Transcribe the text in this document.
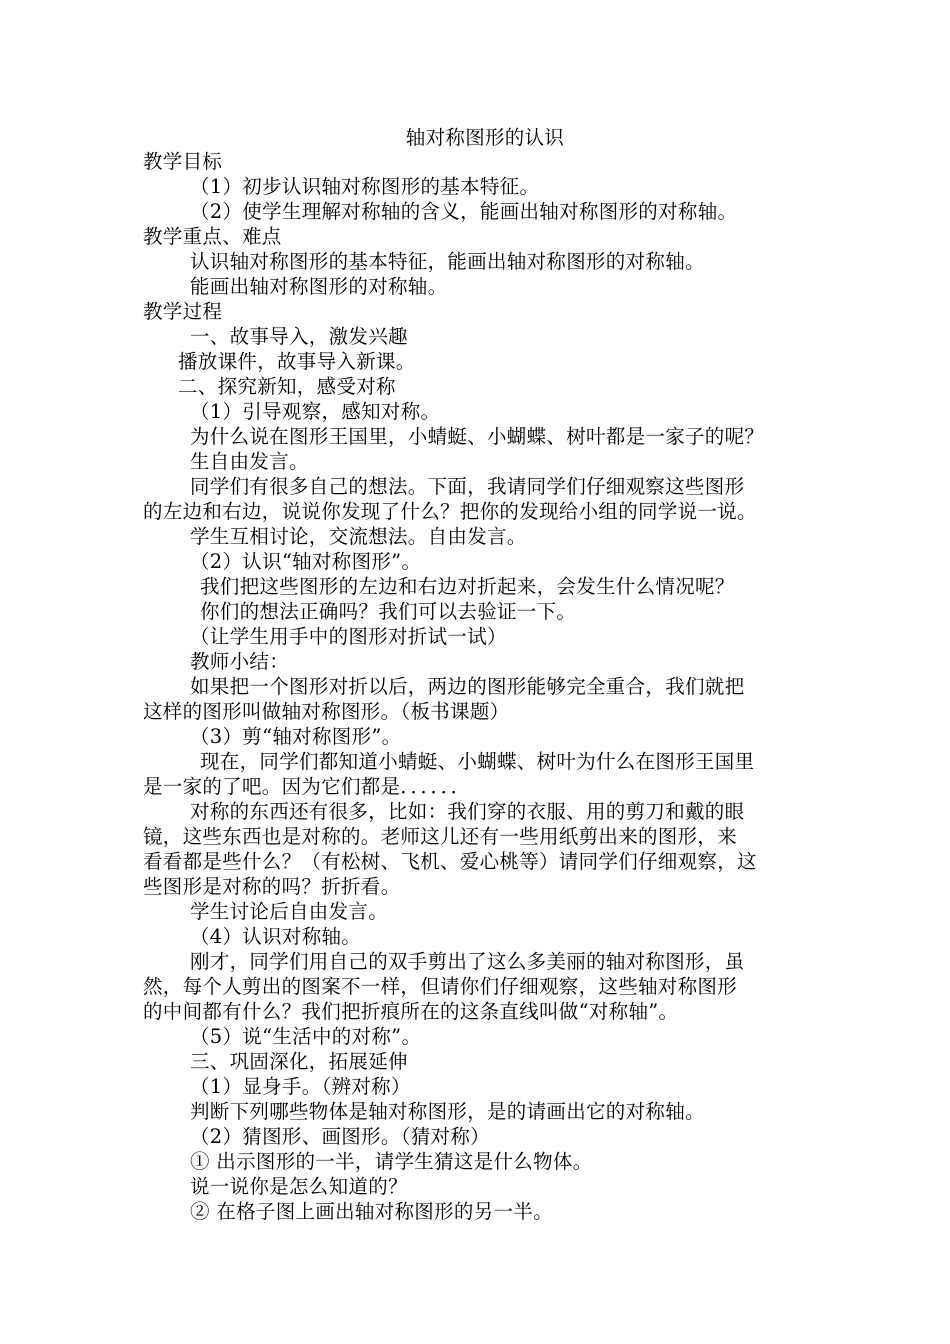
轴对称图形的认识
教学目标
（1）初步认识轴对称图形的基本特征。
（2）使学生理解对称轴的含义，能画出轴对称图形的对称轴。
教学重点、难点
认识轴对称图形的基本特征，能画出轴对称图形的对称轴。
能画出轴对称图形的对称轴。
教学过程
一、故事导入，激发兴趣
播放课件，故事导入新课。
二、探究新知，感受对称
（1）引导观察，感知对称。
为什么说在图形王国里，小蜻蜓、小蝴蝶、树叶都是一家子的呢？
生自由发言。
同学们有很多自己的想法。下面，我请同学们仔细观察这些图形
的左边和右边，说说你发现了什么？把你的发现给小组的同学说一说。
学生互相讨论，交流想法。自由发言。
（2）认识“轴对称图形”。
我们把这些图形的左边和右边对折起来，会发生什么情况呢？
你们的想法正确吗？我们可以去验证一下。
（让学生用手中的图形对折试一试）
教师小结：
如果把一个图形对折以后，两边的图形能够完全重合，我们就把
这样的图形叫做轴对称图形。（板书课题）
（3）剪“轴对称图形”。
现在，同学们都知道小蜻蜓、小蝴蝶、树叶为什么在图形王国里
是一家的了吧。因为它们都是．．．．．．
对称的东西还有很多，比如：我们穿的衣服、用的剪刀和戴的眼
镜，这些东西也是对称的。老师这儿还有一些用纸剪出来的图形，来
看看都是些什么？（有松树、飞机、爱心桃等）请同学们仔细观察，这
些图形是对称的吗？折折看。
学生讨论后自由发言。
（4）认识对称轴。
刚才，同学们用自己的双手剪出了这么多美丽的轴对称图形，虽
然，每个人剪出的图案不一样，但请你们仔细观察，这些轴对称图形
的中间都有什么？我们把折痕所在的这条直线叫做“对称轴”。
（5）说“生活中的对称”。
三、巩固深化，拓展延伸
（1）显身手。（辨对称）
判断下列哪些物体是轴对称图形，是的请画出它的对称轴。
（2）猜图形、画图形。（猜对称）
① 出示图形的一半，请学生猜这是什么物体。
说一说你是怎么知道的？
② 在格子图上画出轴对称图形的另一半。
